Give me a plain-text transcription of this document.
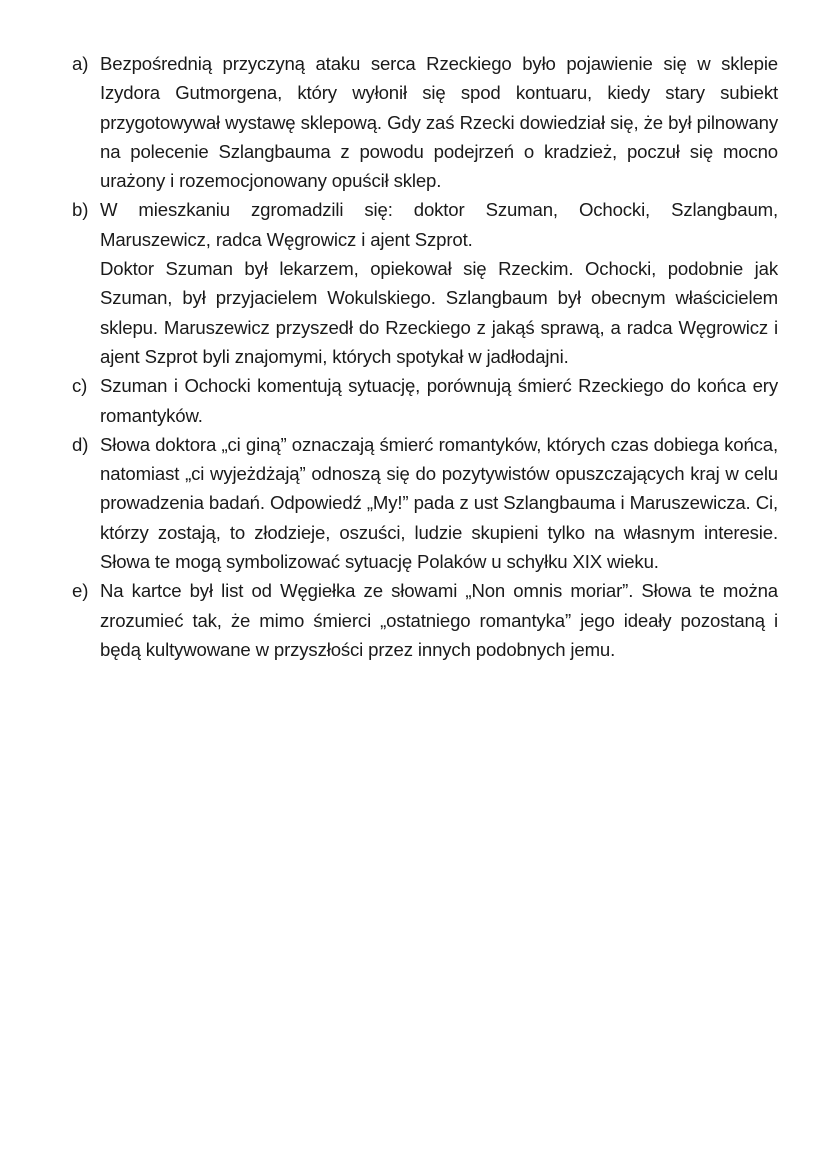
a) Bezpośrednią przyczyną ataku serca Rzeckiego było pojawienie się w sklepie Izydora Gutmorgena, który wyłonił się spod kontuaru, kiedy stary subiekt przygotowywał wystawę sklepową. Gdy zaś Rzecki dowiedział się, że był pilnowany na polecenie Szlangbauma z powodu podejrzeń o kradzież, poczuł się mocno urażony i rozemocjonowany opuścił sklep.

b) W mieszkaniu zgromadzili się: doktor Szuman, Ochocki, Szlangbaum, Maruszewicz, radca Węgrowicz i ajent Szprot.

Doktor Szuman był lekarzem, opiekował się Rzeckim. Ochocki, podobnie jak Szuman, był przyjacielem Wokulskiego. Szlangbaum był obecnym właścicielem sklepu. Maruszewicz przyszedł do Rzeckiego z jakąś sprawą, a radca Węgrowicz i ajent Szprot byli znajomymi, których spotykał w jadłodajni.

c) Szuman i Ochocki komentują sytuację, porównują śmierć Rzeckiego do końca ery romantyków.

d) Słowa doktora „ci giną” oznaczają śmierć romantyków, których czas dobiega końca, natomiast „ci wyjeżdżają” odnoszą się do pozytywistów opuszczających kraj w celu prowadzenia badań. Odpowiedź „My!” pada z ust Szlangbauma i Maruszewicza. Ci, którzy zostają, to złodzieje, oszuści, ludzie skupieni tylko na własnym interesie. Słowa te mogą symbolizować sytuację Polaków u schyłku XIX wieku.

e) Na kartce był list od Węgiełka ze słowami „Non omnis moriar”. Słowa te można zrozumieć tak, że mimo śmierci „ostatniego romantyka” jego ideały pozostaną i będą kultywowane w przyszłości przez innych podobnych jemu.
